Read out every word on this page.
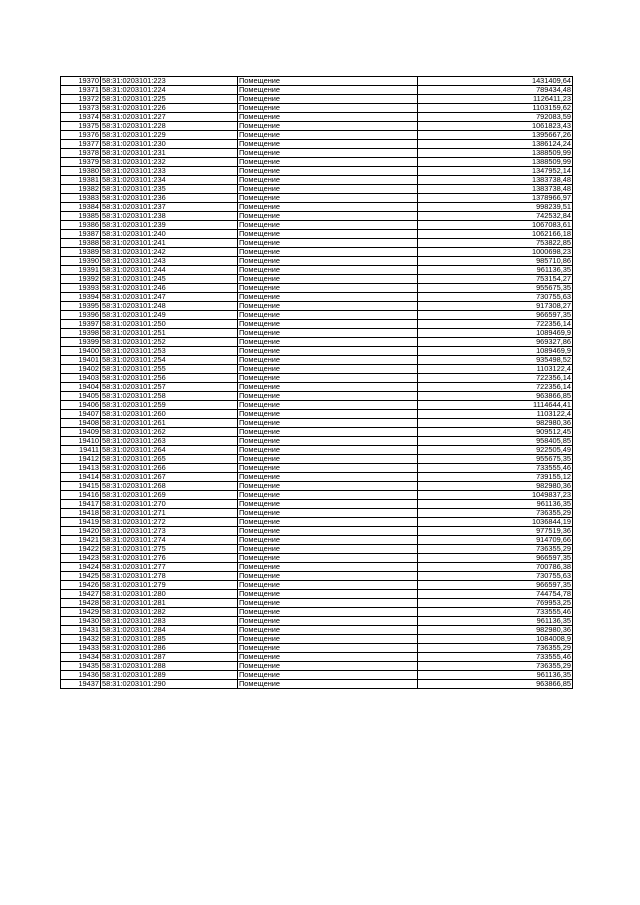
19370	58:31:0203101:223	Помещение	1431409,64
19371	58:31:0203101:224	Помещение	789434,48
19372	58:31:0203101:225	Помещение	1126411,23
19373	58:31:0203101:226	Помещение	1103159,62
19374	58:31:0203101:227	Помещение	792083,59
19375	58:31:0203101:228	Помещение	1061823,43
19376	58:31:0203101:229	Помещение	1395667,26
19377	58:31:0203101:230	Помещение	1386124,24
19378	58:31:0203101:231	Помещение	1388509,99
19379	58:31:0203101:232	Помещение	1388509,99
19380	58:31:0203101:233	Помещение	1347952,14
19381	58:31:0203101:234	Помещение	1383738,48
19382	58:31:0203101:235	Помещение	1383738,48
19383	58:31:0203101:236	Помещение	1378966,97
19384	58:31:0203101:237	Помещение	998239,51
19385	58:31:0203101:238	Помещение	742532,84
19386	58:31:0203101:239	Помещение	1067083,61
19387	58:31:0203101:240	Помещение	1062166,18
19388	58:31:0203101:241	Помещение	753822,85
19389	58:31:0203101:242	Помещение	1000698,23
19390	58:31:0203101:243	Помещение	985710,86
19391	58:31:0203101:244	Помещение	961136,35
19392	58:31:0203101:245	Помещение	753154,27
19393	58:31:0203101:246	Помещение	955675,35
19394	58:31:0203101:247	Помещение	730755,63
19395	58:31:0203101:248	Помещение	917308,27
19396	58:31:0203101:249	Помещение	966597,35
19397	58:31:0203101:250	Помещение	722356,14
19398	58:31:0203101:251	Помещение	1089469,9
19399	58:31:0203101:252	Помещение	969327,86
19400	58:31:0203101:253	Помещение	1089469,9
19401	58:31:0203101:254	Помещение	935498,52
19402	58:31:0203101:255	Помещение	1103122,4
19403	58:31:0203101:256	Помещение	722356,14
19404	58:31:0203101:257	Помещение	722356,14
19405	58:31:0203101:258	Помещение	963866,85
19406	58:31:0203101:259	Помещение	1114644,41
19407	58:31:0203101:260	Помещение	1103122,4
19408	58:31:0203101:261	Помещение	982980,36
19409	58:31:0203101:262	Помещение	909512,45
19410	58:31:0203101:263	Помещение	958405,85
19411	58:31:0203101:264	Помещение	922505,49
19412	58:31:0203101:265	Помещение	955675,35
19413	58:31:0203101:266	Помещение	733555,46
19414	58:31:0203101:267	Помещение	739155,12
19415	58:31:0203101:268	Помещение	982980,36
19416	58:31:0203101:269	Помещение	1049837,23
19417	58:31:0203101:270	Помещение	961136,35
19418	58:31:0203101:271	Помещение	736355,29
19419	58:31:0203101:272	Помещение	1036844,19
19420	58:31:0203101:273	Помещение	977519,36
19421	58:31:0203101:274	Помещение	914709,66
19422	58:31:0203101:275	Помещение	736355,29
19423	58:31:0203101:276	Помещение	966597,35
19424	58:31:0203101:277	Помещение	700786,38
19425	58:31:0203101:278	Помещение	730755,63
19426	58:31:0203101:279	Помещение	966597,35
19427	58:31:0203101:280	Помещение	744754,78
19428	58:31:0203101:281	Помещение	769953,25
19429	58:31:0203101:282	Помещение	733555,46
19430	58:31:0203101:283	Помещение	961136,35
19431	58:31:0203101:284	Помещение	982980,36
19432	58:31:0203101:285	Помещение	1084008,9
19433	58:31:0203101:286	Помещение	736355,29
19434	58:31:0203101:287	Помещение	733555,46
19435	58:31:0203101:288	Помещение	736355,29
19436	58:31:0203101:289	Помещение	961136,35
19437	58:31:0203101:290	Помещение	963866,85
